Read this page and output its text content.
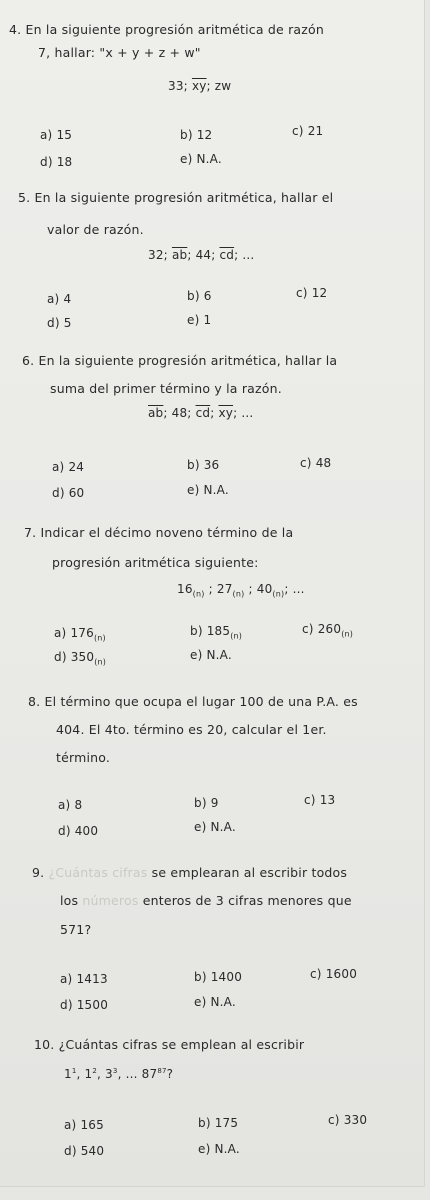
4. En la siguiente progresión aritmética de razón
7, hallar: "x + y + z + w"
33; $\overline{xy}$; zw
a) 15	b) 12	c) 21
d) 18	e) N.A.
5. En la siguiente progresión aritmética, hallar el
valor de razón.
32; $\overline{ab}$; 44; $\overline{cd}$; ...
a) 4	b) 6	c) 12
d) 5	e) 1
6. En la siguiente progresión aritmética, hallar la
suma del primer término y la razón.
$\overline{ab}$; 48; $\overline{cd}$; $\overline{xy}$; ...
a) 24	b) 36	c) 48
d) 60	e) N.A.
7. Indicar el décimo noveno término de la
progresión aritmética siguiente:
$16_{(n)}$ ; $27_{(n)}$ ; $40_{(n)}$; ...
a) $176_{(n)}$	b) $185_{(n)}$	c) $260_{(n)}$
d) $350_{(n)}$	e) N.A.
8. El término que ocupa el lugar 100 de una P.A. es
404. El 4to. término es 20, calcular el 1er.
término.
a) 8	b) 9	c) 13
d) 400	e) N.A.
9. ¿Cuántas cifras se emplearan al escribir todos
los números enteros de 3 cifras menores que
571?
a) 1413	b) 1400	c) 1600
d) 1500	e) N.A.
10. ¿Cuántas cifras se emplean al escribir
$1^1$, $1^2$, $3^3$, ... $87^{87}$?
a) 165	b) 175	c) 330
d) 540	e) N.A.
